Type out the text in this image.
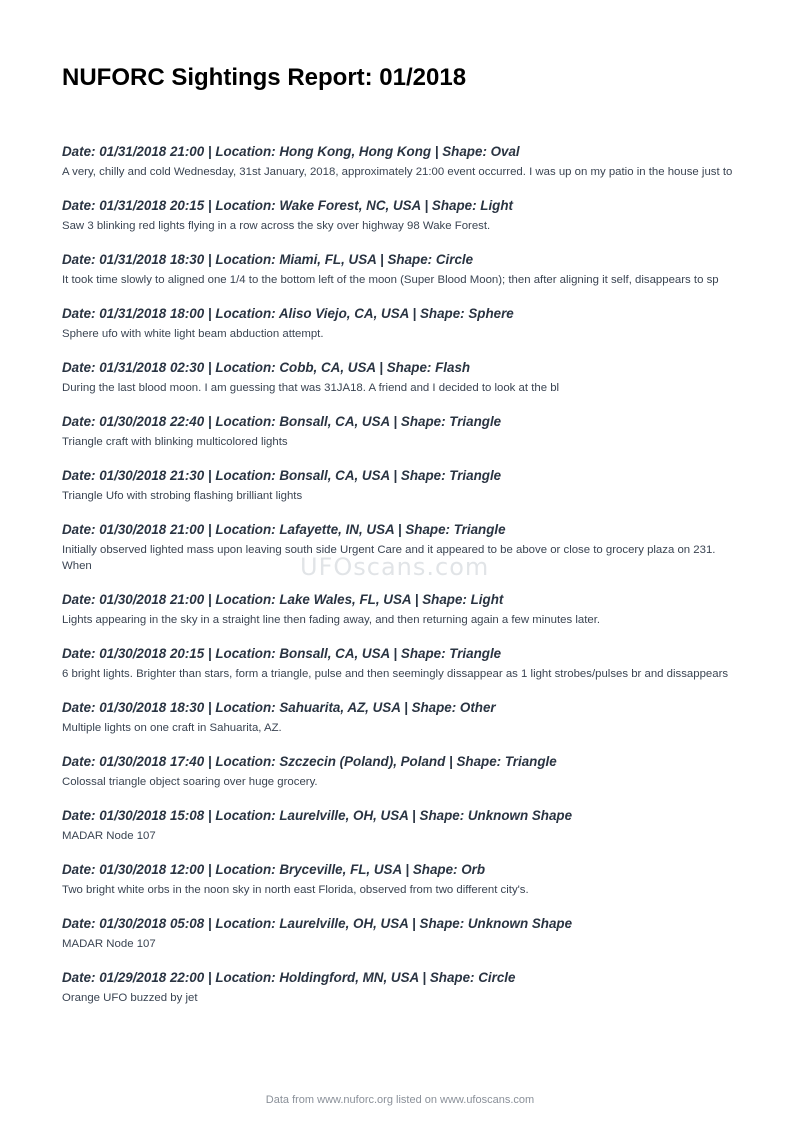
NUFORC Sightings Report: 01/2018
Date: 01/31/2018 21:00 | Location: Hong Kong, Hong Kong | Shape: Oval
A very, chilly and cold Wednesday, 31st January, 2018, approximately 21:00 event occurred. I was up on my patio in the house just to
Date: 01/31/2018 20:15 | Location: Wake Forest, NC, USA | Shape: Light
Saw 3 blinking red lights flying in a row across the sky over highway 98 Wake Forest.
Date: 01/31/2018 18:30 | Location: Miami, FL, USA | Shape: Circle
It took time slowly to aligned one 1/4 to the bottom left of the moon (Super Blood Moon); then after aligning it self, disappears to sp
Date: 01/31/2018 18:00 | Location: Aliso Viejo, CA, USA | Shape: Sphere
Sphere ufo with white light beam abduction attempt.
Date: 01/31/2018 02:30 | Location: Cobb, CA, USA | Shape: Flash
During the last blood moon. I am guessing that was 31JA18. A friend and I decided to look at the bl
Date: 01/30/2018 22:40 | Location: Bonsall, CA, USA | Shape: Triangle
Triangle craft with blinking multicolored lights
Date: 01/30/2018 21:30 | Location: Bonsall, CA, USA | Shape: Triangle
Triangle Ufo with strobing flashing brilliant lights
Date: 01/30/2018 21:00 | Location: Lafayette, IN, USA | Shape: Triangle
Initially observed lighted mass upon leaving south side Urgent Care and it appeared to be above or close to grocery plaza on 231. When
Date: 01/30/2018 21:00 | Location: Lake Wales, FL, USA | Shape: Light
Lights appearing in the sky in a straight line then fading away, and then returning again a few minutes later.
Date: 01/30/2018 20:15 | Location: Bonsall, CA, USA | Shape: Triangle
6 bright lights. Brighter than stars, form a triangle, pulse and then seemingly dissappear as 1 light strobes/pulses br and dissappears
Date: 01/30/2018 18:30 | Location: Sahuarita, AZ, USA | Shape: Other
Multiple lights on one craft in Sahuarita, AZ.
Date: 01/30/2018 17:40 | Location: Szczecin (Poland), Poland | Shape: Triangle
Colossal triangle object soaring over huge grocery.
Date: 01/30/2018 15:08 | Location: Laurelville, OH, USA | Shape: Unknown Shape
MADAR Node 107
Date: 01/30/2018 12:00 | Location: Bryceville, FL, USA | Shape: Orb
Two bright white orbs in the noon sky in north east Florida, observed from two different city's.
Date: 01/30/2018 05:08 | Location: Laurelville, OH, USA | Shape: Unknown Shape
MADAR Node 107
Date: 01/29/2018 22:00 | Location: Holdingford, MN, USA | Shape: Circle
Orange UFO buzzed by jet
UFOscans.com
Data from www.nuforc.org listed on www.ufoscans.com
